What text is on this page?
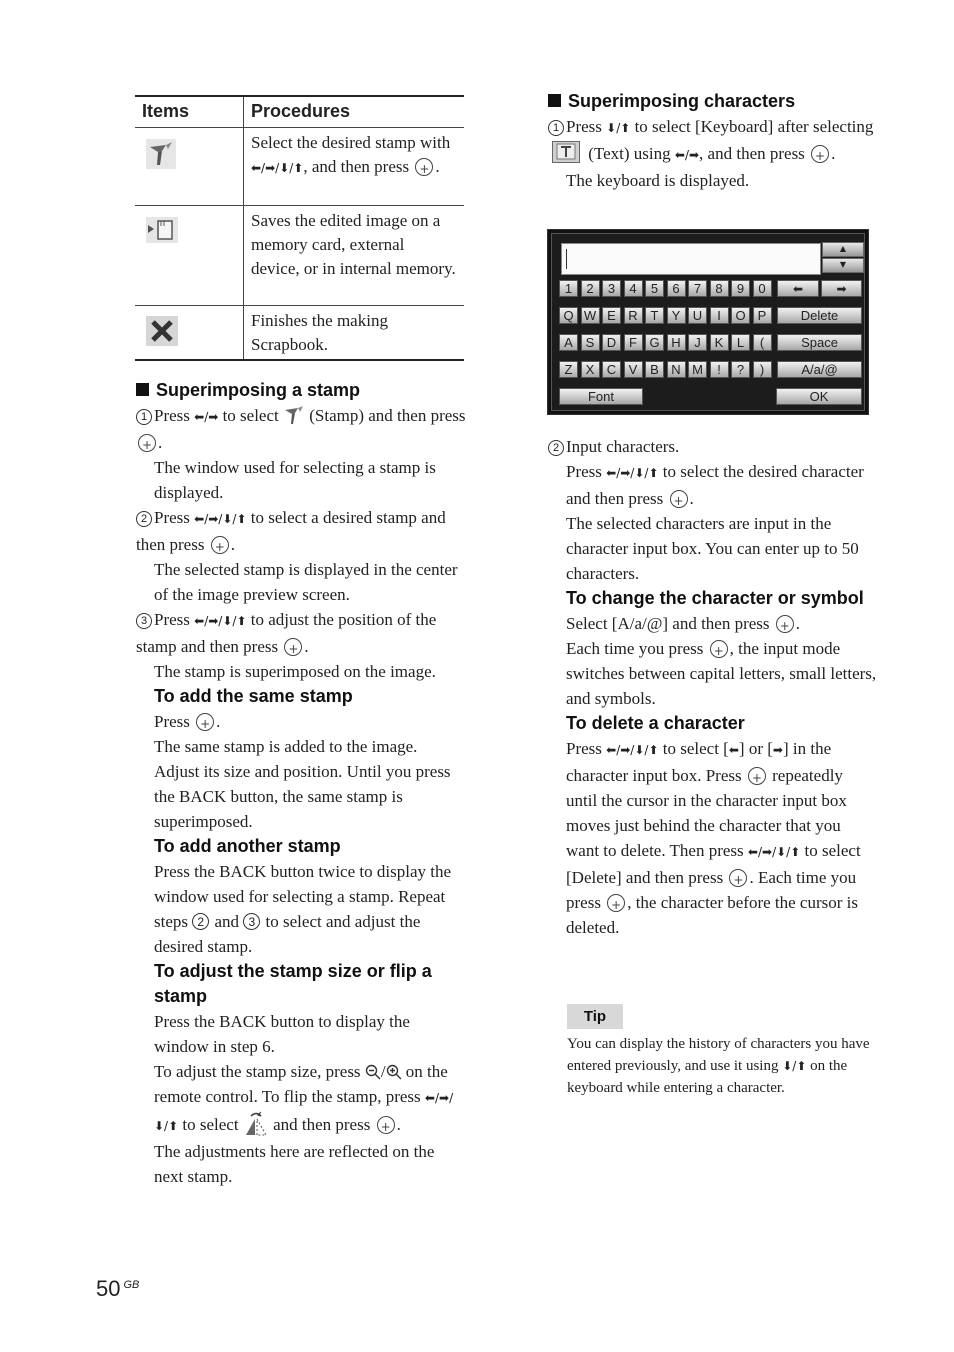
Items	Procedures
	Select the desired stamp with ⬅/➡/⬇/⬆, and then press +.
	Saves the edited image on a memory card, external device, or in internal memory.
	Finishes the making Scrapbook.
Superimposing a stamp
1 Press ⬅/➡ to select  (Stamp) and then press +.
The window used for selecting a stamp is displayed.
2 Press ⬅/➡/⬇/⬆ to select a desired stamp and then press +.
The selected stamp is displayed in the center of the image preview screen.
3 Press ⬅/➡/⬇/⬆ to adjust the position of the stamp and then press +.
The stamp is superimposed on the image.
To add the same stamp
Press +.
The same stamp is added to the image. Adjust its size and position. Until you press the BACK button, the same stamp is superimposed.
To add another stamp
Press the BACK button twice to display the window used for selecting a stamp. Repeat steps 2 and 3 to select and adjust the desired stamp.
To adjust the stamp size or flip a stamp
Press the BACK button to display the window in step 6.
To adjust the stamp size, press / on the remote control. To flip the stamp, press ⬅/➡/⬇/⬆ to select  and then press +.
The adjustments here are reflected on the next stamp.
Superimposing characters
1 Press ⬇/⬆ to select [Keyboard] after selecting  (Text) using ⬅/➡, and then press +.
The keyboard is displayed.
▲
▼
1	2	3	4	5	6	7	8	9	0
Q W E R T	Y U	I	O P
A S D F G H	J	K	L	(
Z	X C V B N M	!	?	)
⬅	➡
Delete
Space
A/a/@
Font	OK
2 Input characters.
Press ⬅/➡/⬇/⬆ to select the desired character and then press +.
The selected characters are input in the character input box. You can enter up to 50 characters.
To change the character or symbol
Select [A/a/@] and then press +.
Each time you press +, the input mode switches between capital letters, small letters, and symbols.
To delete a character
Press ⬅/➡/⬇/⬆ to select [⬅] or [➡] in the character input box. Press + repeatedly until the cursor in the character input box moves just behind the character that you want to delete. Then press ⬅/➡/⬇/⬆ to select [Delete] and then press +. Each time you press +, the character before the cursor is deleted.
Tip
You can display the history of characters you have entered previously, and use it using ⬇/⬆ on the keyboard while entering a character.
50 $^{GB}$
